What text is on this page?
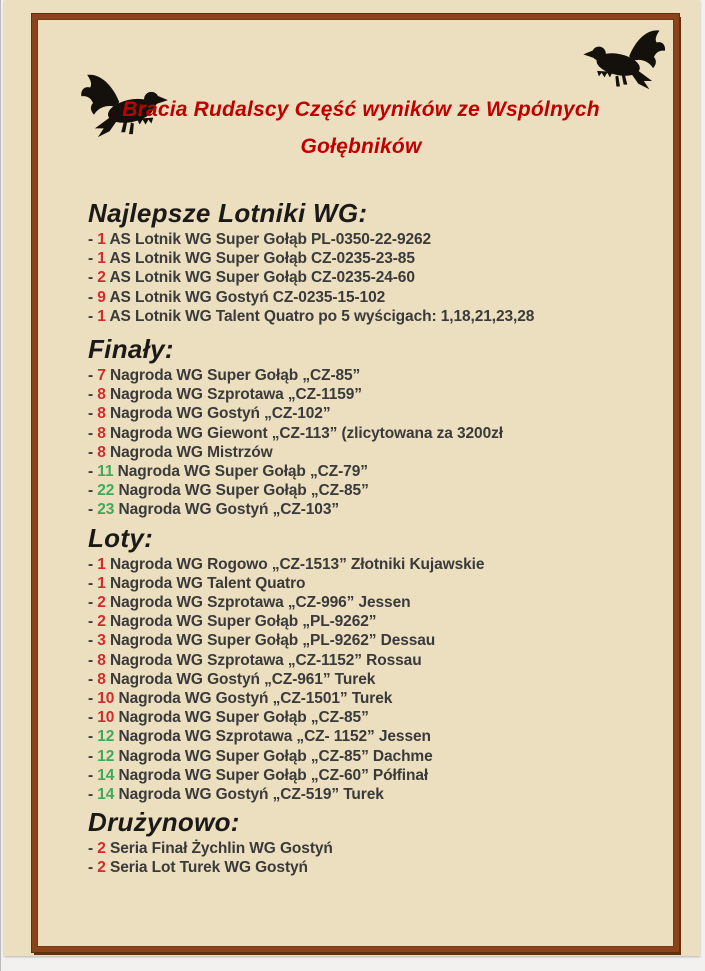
Bracia Rudalscy Część wyników ze Wspólnych
Gołębników
Najlepsze Lotniki WG:
- 1 AS Lotnik WG Super Gołąb PL-0350-22-9262
- 1 AS Lotnik WG Super Gołąb CZ-0235-23-85
- 2 AS Lotnik WG Super Gołąb CZ-0235-24-60
- 9 AS Lotnik WG Gostyń CZ-0235-15-102
- 1 AS Lotnik WG Talent Quatro po 5 wyścigach: 1,18,21,23,28
Finały:
- 7 Nagroda WG Super Gołąb „CZ-85”
- 8 Nagroda WG Szprotawa „CZ-1159”
- 8 Nagroda WG Gostyń „CZ-102”
- 8 Nagroda WG Giewont „CZ-113” (zlicytowana za 3200zł
- 8 Nagroda WG Mistrzów
- 11 Nagroda WG Super Gołąb „CZ-79”
- 22 Nagroda WG Super Gołąb „CZ-85”
- 23 Nagroda WG Gostyń „CZ-103”
Loty:
- 1 Nagroda WG Rogowo „CZ-1513” Złotniki Kujawskie
- 1 Nagroda WG Talent Quatro
- 2 Nagroda WG Szprotawa „CZ-996” Jessen
- 2 Nagroda WG Super Gołąb „PL-9262”
- 3 Nagroda WG Super Gołąb „PL-9262” Dessau
- 8 Nagroda WG Szprotawa „CZ-1152” Rossau
- 8 Nagroda WG Gostyń „CZ-961” Turek
- 10 Nagroda WG Gostyń „CZ-1501” Turek
- 10 Nagroda WG Super Gołąb „CZ-85”
- 12 Nagroda WG Szprotawa „CZ- 1152” Jessen
- 12 Nagroda WG Super Gołąb „CZ-85” Dachme
- 14 Nagroda WG Super Gołąb „CZ-60” Półfinał
- 14 Nagroda WG Gostyń „CZ-519” Turek
Drużynowo:
- 2 Seria Finał Żychlin WG Gostyń
- 2 Seria Lot Turek WG Gostyń
